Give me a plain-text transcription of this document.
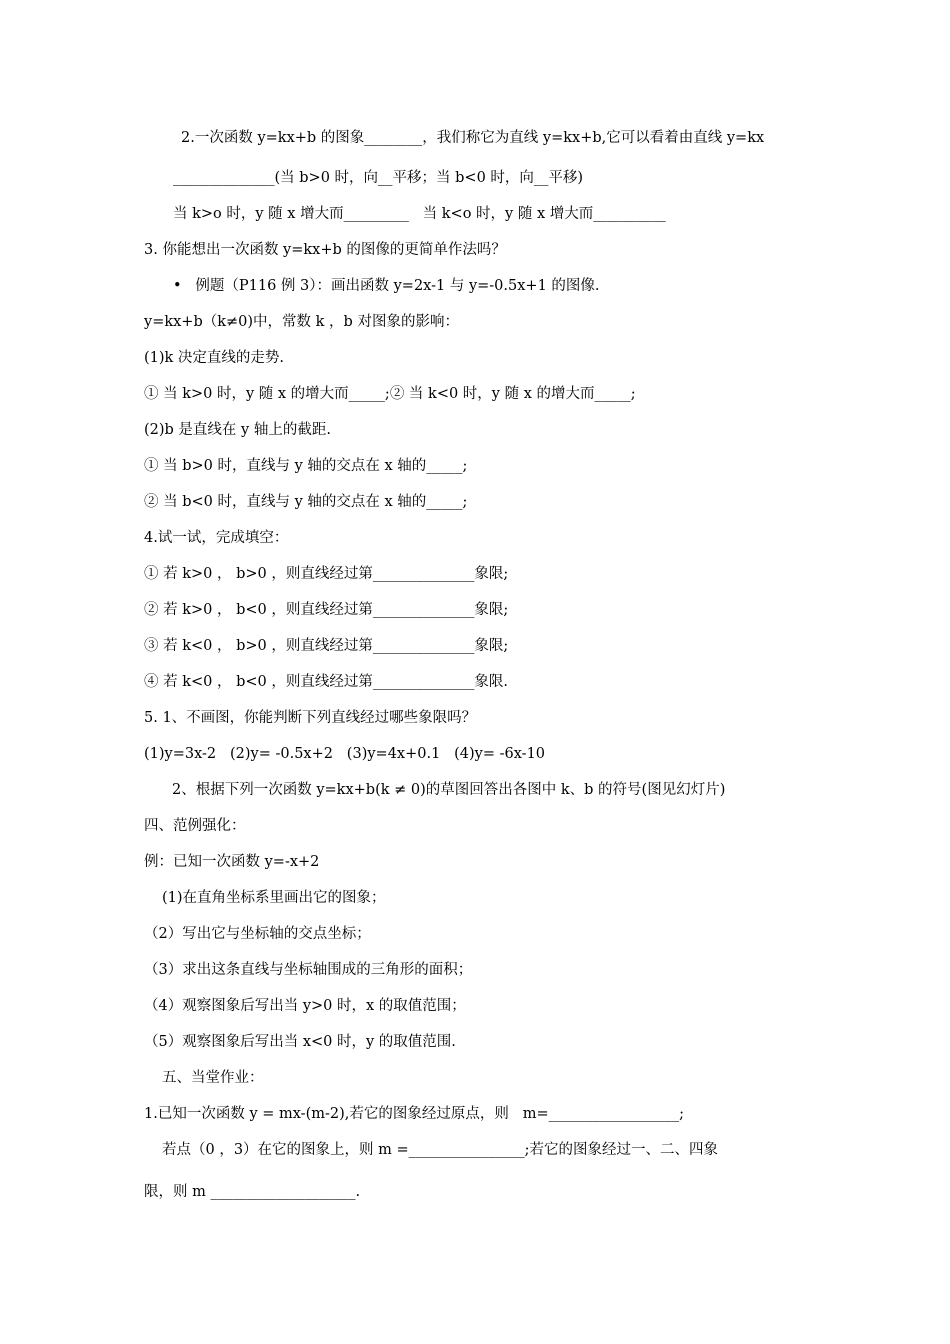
2.一次函数 y=kx+b 的图象________，我们称它为直线 y=kx+b,它可以看着由直线 y=kx
______________(当 b>0 时，向__平移；当 b<0 时，向__平移)
当 k>o 时，y 随 x 增大而_________   当 k<o 时，y 随 x 增大而__________
3. 你能想出一次函数 y=kx+b 的图像的更简单作法吗？
•   例题（P116 例 3）：画出函数 y=2x-1 与 y=-0.5x+1 的图像.
y=kx+b（k≠0)中，常数 k ，b 对图象的影响：
(1)k 决定直线的走势.
① 当 k>0 时，y 随 x 的增大而_____;② 当 k<0 时，y 随 x 的增大而_____;
(2)b 是直线在 y 轴上的截距.
① 当 b>0 时，直线与 y 轴的交点在 x 轴的_____;
② 当 b<0 时，直线与 y 轴的交点在 x 轴的_____;
4.试一试，完成填空：
① 若 k>0 ， b>0 ，则直线经过第______________象限;
② 若 k>0 ， b<0 ，则直线经过第______________象限;
③ 若 k<0 ， b>0 ，则直线经过第______________象限;
④ 若 k<0 ， b<0 ，则直线经过第______________象限.
5. 1、不画图，你能判断下列直线经过哪些象限吗？
(1)y=3x-2   (2)y= -0.5x+2   (3)y=4x+0.1   (4)y= -6x-10
2、根据下列一次函数 y=kx+b(k ≠ 0)的草图回答出各图中 k、b 的符号(图见幻灯片)
四、范例强化：
例：已知一次函数 y=-x+2
(1)在直角坐标系里画出它的图象；
（2）写出它与坐标轴的交点坐标；
（3）求出这条直线与坐标轴围成的三角形的面积；
（4）观察图象后写出当 y>0 时，x 的取值范围；
（5）观察图象后写出当 x<0 时，y 的取值范围.
五、当堂作业：
1.已知一次函数 y = mx-(m-2),若它的图象经过原点，则   m=__________________;
若点（0 ，3）在它的图象上，则 m =________________;若它的图象经过一、二、四象
限，则 m ____________________.
